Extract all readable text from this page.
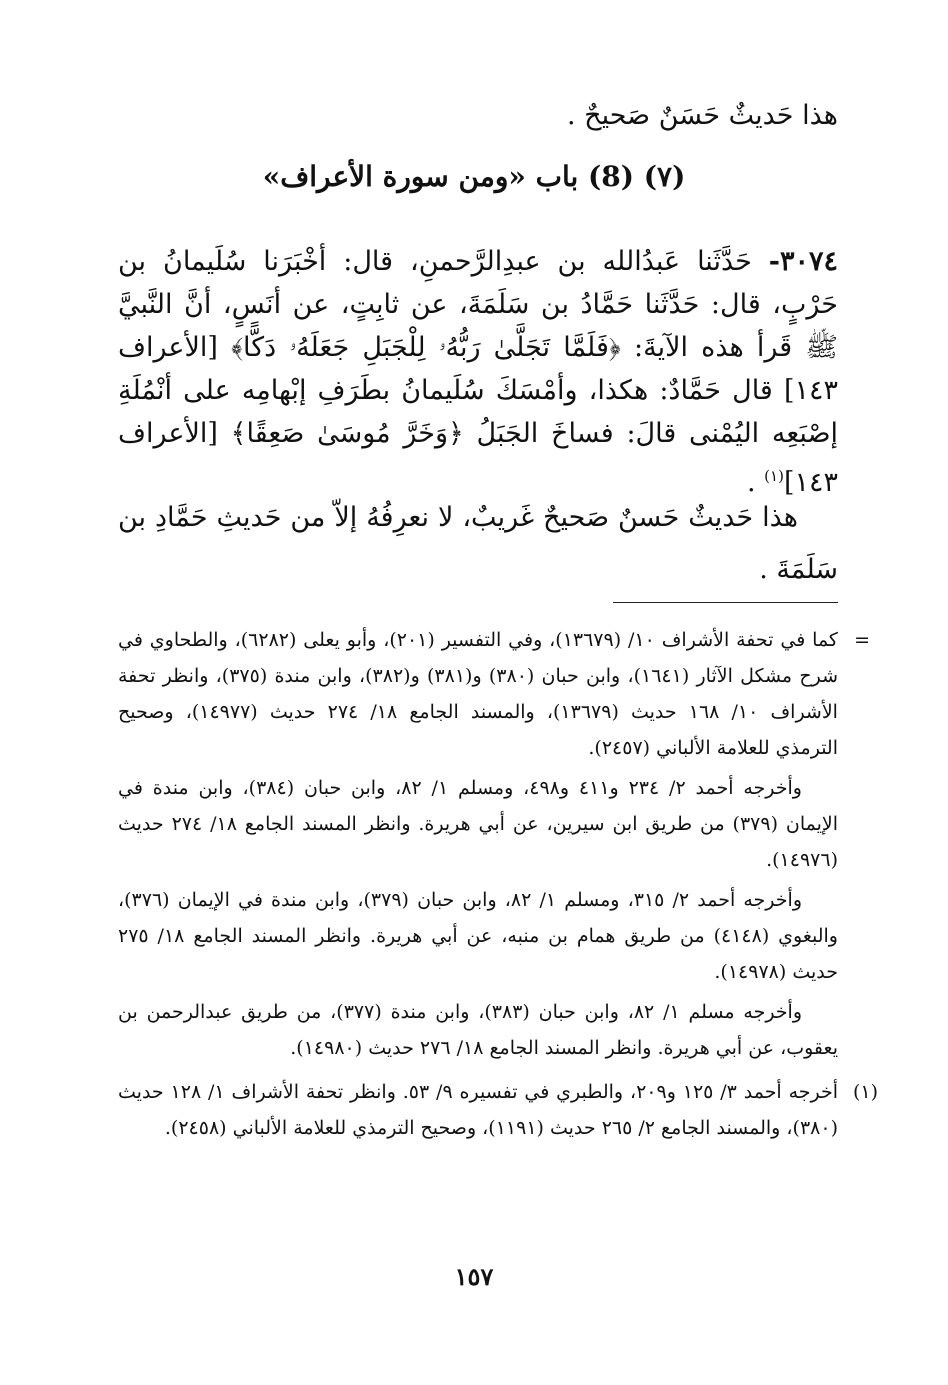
هذا حَديثٌ حَسَنٌ صَحيحٌ .
(٧) (8) باب «ومن سورة الأعراف»
٣٠٧٤- حَدَّثَنا عَبدُالله بن عبدِالرَّحمنِ، قال: أخْبَرَنا سُلَيمانُ بن حَرْبٍ، قال: حَدَّثَنا حَمَّادُ بن سَلَمَةَ، عن ثابِتٍ، عن أنَسٍ، أنَّ النَّبيَّ ﷺ قَرأ هذه الآيةَ: ﴿فَلَمَّا تَجَلَّىٰ رَبُّهُۥ لِلْجَبَلِ جَعَلَهُۥ دَكًّا﴾ [الأعراف ١٤٣] قال حَمَّادٌ: هكذا، وأمْسَكَ سُلَيمانُ بطَرَفِ إبْهامِه على أنْمُلَةِ إصْبَعِه اليُمْنى قالَ: فساخَ الجَبَلُ ﴿وَخَرَّ مُوسَىٰ صَعِقًا﴾ [الأعراف ١٤٣]$^{(١)}$ .
هذا حَديثٌ حَسنٌ صَحيحٌ غَريبٌ، لا نعرِفُهُ إلاّ من حَديثِ حَمَّادِ بن سَلَمَةَ .
=
كما في تحفة الأشراف ١٠/ (١٣٦٧٩)، وفي التفسير (٢٠١)، وأبو يعلى (٦٢٨٢)، والطحاوي في شرح مشكل الآثار (١٦٤١)، وابن حبان (٣٨٠) و(٣٨١) و(٣٨٢)، وابن مندة (٣٧٥)، وانظر تحفة الأشراف ١٠/ ١٦٨ حديث (١٣٦٧٩)، والمسند الجامع ١٨/ ٢٧٤ حديث (١٤٩٧٧)، وصحيح الترمذي للعلامة الألباني (٢٤٥٧).
وأخرجه أحمد ٢/ ٢٣٤ و٤١١ و٤٩٨، ومسلم ١/ ٨٢، وابن حبان (٣٨٤)، وابن مندة في الإيمان (٣٧٩) من طريق ابن سيرين، عن أبي هريرة. وانظر المسند الجامع ١٨/ ٢٧٤ حديث (١٤٩٧٦).
وأخرجه أحمد ٢/ ٣١٥، ومسلم ١/ ٨٢، وابن حبان (٣٧٩)، وابن مندة في الإيمان (٣٧٦)، والبغوي (٤١٤٨) من طريق همام بن منبه، عن أبي هريرة. وانظر المسند الجامع ١٨/ ٢٧٥ حديث (١٤٩٧٨).
وأخرجه مسلم ١/ ٨٢، وابن حبان (٣٨٣)، وابن مندة (٣٧٧)، من طريق عبدالرحمن بن يعقوب، عن أبي هريرة. وانظر المسند الجامع ١٨/ ٢٧٦ حديث (١٤٩٨٠).
(١)
أخرجه أحمد ٣/ ١٢٥ و٢٠٩، والطبري في تفسيره ٩/ ٥٣. وانظر تحفة الأشراف ١/ ١٢٨ حديث (٣٨٠)، والمسند الجامع ٢/ ٢٦٥ حديث (١١٩١)، وصحيح الترمذي للعلامة الألباني (٢٤٥٨).
١٥٧
